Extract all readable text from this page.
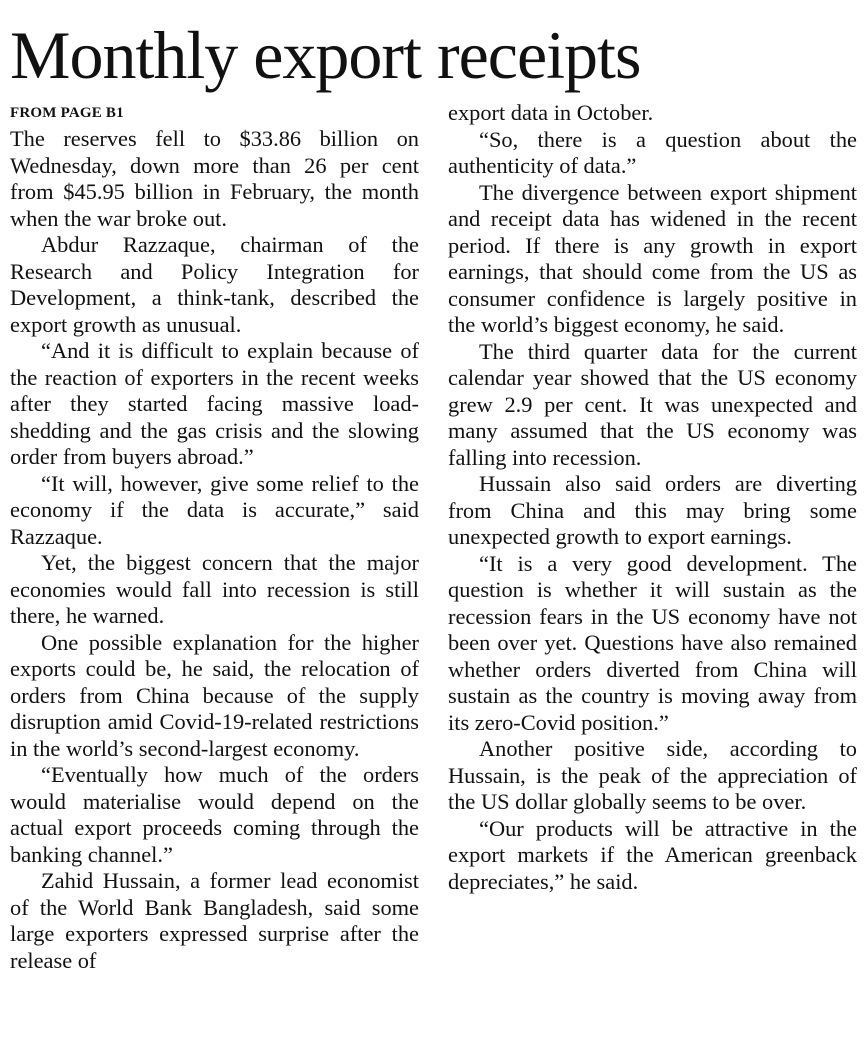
Monthly export receipts
FROM PAGE B1

The reserves fell to $33.86 billion on Wednesday, down more than 26 per cent from $45.95 billion in February, the month when the war broke out.

Abdur Razzaque, chairman of the Research and Policy Integration for Development, a think-tank, described the export growth as unusual.

“And it is difficult to explain because of the reaction of exporters in the recent weeks after they started facing massive load-shedding and the gas crisis and the slowing order from buyers abroad.”

“It will, however, give some relief to the economy if the data is accurate,” said Razzaque.

Yet, the biggest concern that the major economies would fall into recession is still there, he warned.

One possible explanation for the higher exports could be, he said, the relocation of orders from China because of the supply disruption amid Covid-19-related restrictions in the world’s second-largest economy.

“Eventually how much of the orders would materialise would depend on the actual export proceeds coming through the banking channel.”

Zahid Hussain, a former lead economist of the World Bank Bangladesh, said some large exporters expressed surprise after the release of

export data in October.

“So, there is a question about the authenticity of data.”

The divergence between export shipment and receipt data has widened in the recent period. If there is any growth in export earnings, that should come from the US as consumer confidence is largely positive in the world’s biggest economy, he said.

The third quarter data for the current calendar year showed that the US economy grew 2.9 per cent. It was unexpected and many assumed that the US economy was falling into recession.

Hussain also said orders are diverting from China and this may bring some unexpected growth to export earnings.

“It is a very good development. The question is whether it will sustain as the recession fears in the US economy have not been over yet. Questions have also remained whether orders diverted from China will sustain as the country is moving away from its zero-Covid position.”

Another positive side, according to Hussain, is the peak of the appreciation of the US dollar globally seems to be over.

“Our products will be attractive in the export markets if the American greenback depreciates,” he said.
